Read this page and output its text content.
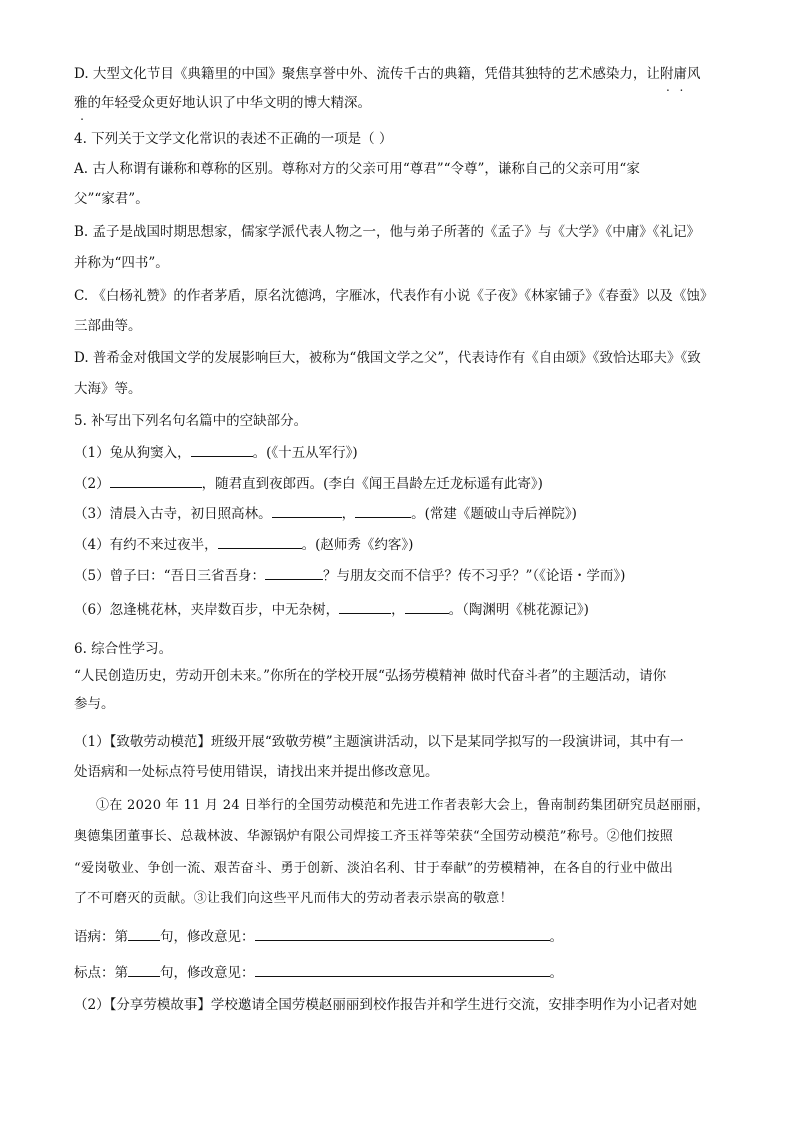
D. 大型文化节目《典籍里的中国》聚焦享誉中外、流传千古的典籍，凭借其独特的艺术感染力，让附庸风
雅的年轻受众更好地认识了中华文明的博大精深。
4. 下列关于文学文化常识的表述不正确的一项是（ ）
A. 古人称谓有谦称和尊称的区别。尊称对方的父亲可用“尊君”“令尊”，谦称自己的父亲可用“家
父”“家君”。
B. 孟子是战国时期思想家，儒家学派代表人物之一，他与弟子所著的《孟子》与《大学》《中庸》《礼记》
并称为“四书”。
C. 《白杨礼赞》的作者茅盾，原名沈德鸿，字雁冰，代表作有小说《子夜》《林家铺子》《春蚕》以及《蚀》
三部曲等。
D. 普希金对俄国文学的发展影响巨大，被称为“俄国文学之父”，代表诗作有《自由颂》《致恰达耶夫》《致
大海》等。
5. 补写出下列名句名篇中的空缺部分。
（1）兔从狗窦入，	。(《十五从军行》)
（2）	，随君直到夜郎西。(李白《闻王昌龄左迁龙标遥有此寄》)
（3）清晨入古寺，初日照高林。	，	。(常建《题破山寺后禅院》)
（4）有约不来过夜半，	。(赵师秀《约客》)
（5）曾子曰：“吾日三省吾身：	？与朋友交而不信乎？传不习乎？”（《论语・学而》)
（6）忽逢桃花林，夹岸数百步，中无杂树，	，	。（陶渊明《桃花源记》)
6. 综合性学习。
“人民创造历史，劳动开创未来。”你所在的学校开展“弘扬劳模精神 做时代奋斗者”的主题活动，请你
参与。
（1）【致敬劳动模范】班级开展“致敬劳模”主题演讲活动，以下是某同学拟写的一段演讲词，其中有一
处语病和一处标点符号使用错误，请找出来并提出修改意见。
①在 2020 年 11 月 24 日举行的全国劳动模范和先进工作者表彰大会上，鲁南制药集团研究员赵丽丽，
奥德集团董事长、总裁林波、华源锅炉有限公司焊接工齐玉祥等荣获“全国劳动模范”称号。②他们按照
“爱岗敬业、争创一流、艰苦奋斗、勇于创新、淡泊名利、甘于奉献”的劳模精神，在各自的行业中做出
了不可磨灭的贡献。③让我们向这些平凡而伟大的劳动者表示崇高的敬意！
语病：第 句，修改意见：	。
标点：第 句，修改意见：	。
（2）【分享劳模故事】学校邀请全国劳模赵丽丽到校作报告并和学生进行交流，安排李明作为小记者对她
